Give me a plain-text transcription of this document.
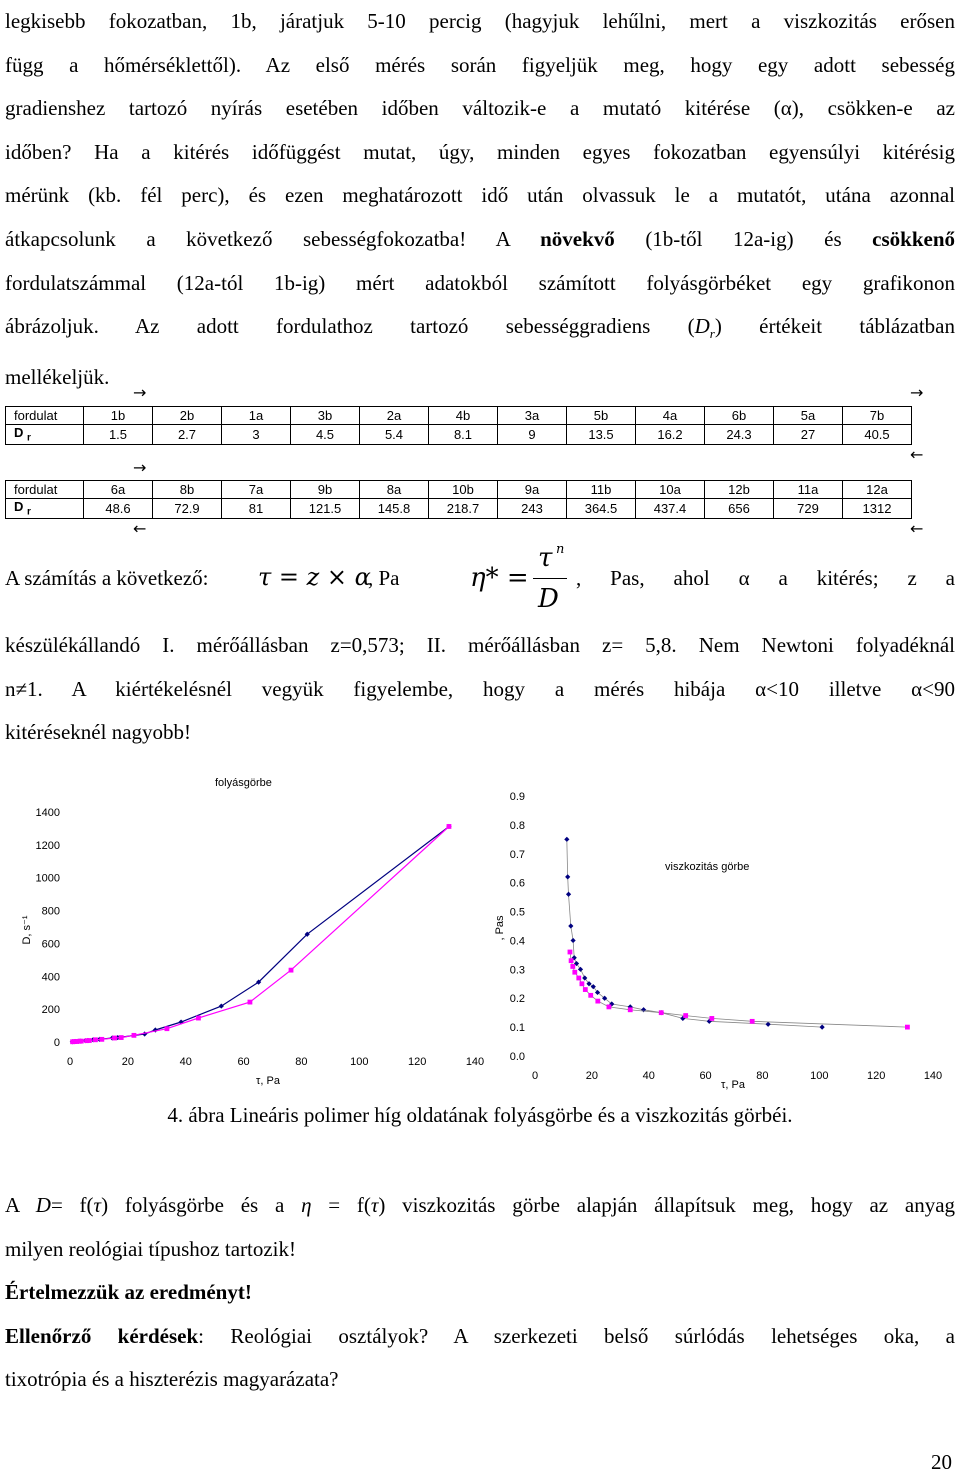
legkisebb fokozatban, 1b, járatjuk 5-10 percig (hagyjuk lehűlni, mert a viszkozitás erősen
függ a hőmérséklettől). Az első mérés során figyeljük meg, hogy egy adott sebesség
gradienshez tartozó nyírás esetében időben változik-e a mutató kitérése (α), csökken-e az
időben? Ha a kitérés időfüggést mutat, úgy, minden egyes fokozatban egyensúlyi kitérésig
mérünk (kb. fél perc), és ezen meghatározott idő után olvassuk le a mutatót, utána azonnal
átkapcsolunk a következő sebességfokozatba! A növekvő (1b-től 12a-ig) és csökkenő
fordulatszámmal (12a-tól 1b-ig) mért adatokból számított folyásgörbéket egy grafikonon
ábrázoljuk. Az adott fordulathoz tartozó sebességgradiens $(D_r)$ értékeit táblázatban
mellékeljük.
→	→
fordulat	1b	2b	1a	3b	2a	4b	3a	5b	4a	6b	5a	7b
D $_r$	1.5	2.7	3	4.5	5.4	8.1	9	13.5	16.2	24.3	27	40.5
←
→
fordulat	6a	8b	7a	9b	8a	10b	9a	11b	10a	12b	11a	12a
D $_r$	48.6	72.9	81	121.5	145.8	218.7	243	364.5	437.4	656	729	1312
←	←
A számítás a következő: τ = z × α
, Pa	η* =
τ n
D
, Pas, ahol α a kitérés; z a
készülékállandó I. mérőállásban z=0,573; II. mérőállásban z= 5,8. Nem Newtoni folyadéknál
n≠1. A kiértékelésnél vegyük figyelembe, hogy a mérés hibája α<10 illetve α<90
kitéréseknél nagyobb!
folyásgörbe
0	20	40	60	80	100	120	140
0
200
400
600
800
1000
1200
1400
τ, Pa
D, s⁻¹
viszkozitás görbe
0	20	40	60	80	100	120	140
0.0
0.1
0.2
0.3
0.4
0.5
0.6
0.7
0.8
0.9
τ, Pa
, Pas
4. ábra Lineáris polimer híg oldatának folyásgörbe és a viszkozitás görbéi.
A D= f(τ) folyásgörbe és a η = f(τ) viszkozitás görbe alapján állapítsuk meg, hogy az anyag
milyen reológiai típushoz tartozik!
Értelmezzük az eredményt!
Ellenőrző kérdések: Reológiai osztályok? A szerkezeti belső súrlódás lehetséges oka, a
tixotrópia és a hiszterézis magyarázata?
20
